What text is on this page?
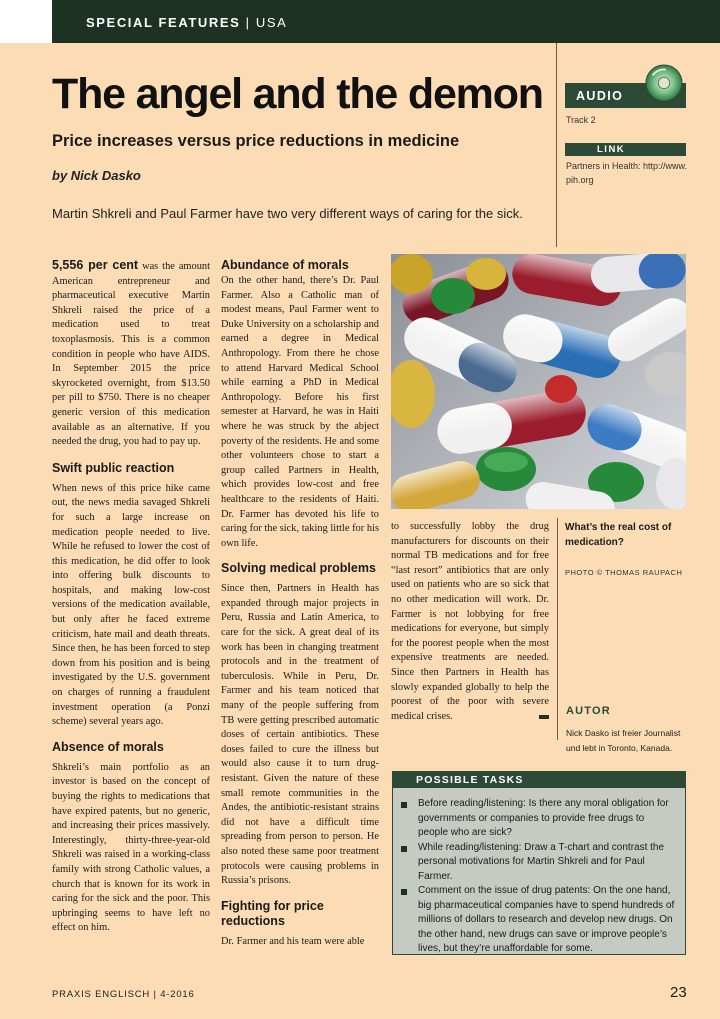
SPECIAL FEATURES | USA
The angel and the demon
Price increases versus price reductions in medicine
by Nick Dasko
Martin Shkreli and Paul Farmer have two very different ways of caring for the sick.
AUDIO
Track 2
LINK
Partners in Health: http://www. pih.org

5,556 per cent was the amount American entrepreneur and pharmaceutical executive Martin Shkreli raised the price of a medication used to treat toxoplasmosis. This is a common condition in people who have AIDS. In September 2015 the price skyrocketed overnight, from $13.50 per pill to $750. There is no cheaper generic version of this medication available as an alternative. If you needed the drug, you had to pay up.

Swift public reaction

When news of this price hike came out, the news media savaged Shkreli for such a large increase on medication people needed to live. While he refused to lower the cost of this medication, he did offer to look into offering bulk discounts to hospitals, and making low-cost versions of the medication available, but only after he faced extreme criticism, hate mail and death threats. Since then, he has been forced to step down from his position and is being investigated by the U.S. government on charges of running a fraudulent investment operation (a Ponzi scheme) several years ago.

Absence of morals

Shkreli’s main portfolio as an investor is based on the concept of buying the rights to medications that have expired patents, but no generic, and increasing their prices massively. Interestingly, thirty-three-year-old Shkreli was raised in a working-class family with strong Catholic values, a church that is known for its work in caring for the sick and the poor. This upbringing seems to have left no effect on him.

Abundance of morals

On the other hand, there’s Dr. Paul Farmer. Also a Catholic man of modest means, Paul Farmer went to Duke University on a scholarship and earned a degree in Medical Anthropology. From there he chose to attend Harvard Medical School while earning a PhD in Medical Anthropology. Before his first semester at Harvard, he was in Haiti where he was struck by the abject poverty of the residents. He and some other volunteers chose to start a group called Partners in Health, which provides low-cost and free healthcare to the residents of Haiti. Dr. Farmer has devoted his life to caring for the sick, taking little for his own life.

Solving medical problems

Since then, Partners in Health has expanded through major projects in Peru, Russia and Latin America, to care for the sick. A great deal of its work has been in changing treatment protocols and in the treatment of tuberculosis. While in Peru, Dr. Farmer and his team noticed that many of the people suffering from TB were getting prescribed automatic doses of certain antibiotics. These doses failed to cure the illness but would also cause it to turn drug-resistant. Given the nature of these small remote communities in the Andes, the antibiotic-resistant strains did not have a difficult time spreading from person to person. He also noted these same poor treatment protocols were causing problems in Russia’s prisons.

Fighting for price reductions

Dr. Farmer and his team were able

to successfully lobby the drug manufacturers for discounts on their normal TB medications and for free “last resort” antibiotics that are only used on patients who are so sick that no other medication will work. Dr. Farmer is not lobbying for free medications for everyone, but simply for the poorest people when the most expensive treatments are needed. Since then Partners in Health has slowly expanded globally to help the poorest of the poor with severe medical crises.

What’s the real cost of medication?
PHOTO © THOMAS RAUPACH
AUTOR
Nick Dasko ist freier Journalist und lebt in Toronto, Kanada.
POSSIBLE TASKS
Before reading/listening: Is there any moral obligation for governments or companies to provide free drugs to people who are sick?
While reading/listening: Draw a T-chart and contrast the personal motivations for Martin Shkreli and for Paul Farmer.
Comment on the issue of drug patents: On the one hand, big pharmaceutical companies have to spend hundreds of millions of dollars to research and develop new drugs. On the other hand, new drugs can save or improve people’s lives, but they’re unaffordable for some.
PRAXIS ENGLISCH | 4-2016	23
